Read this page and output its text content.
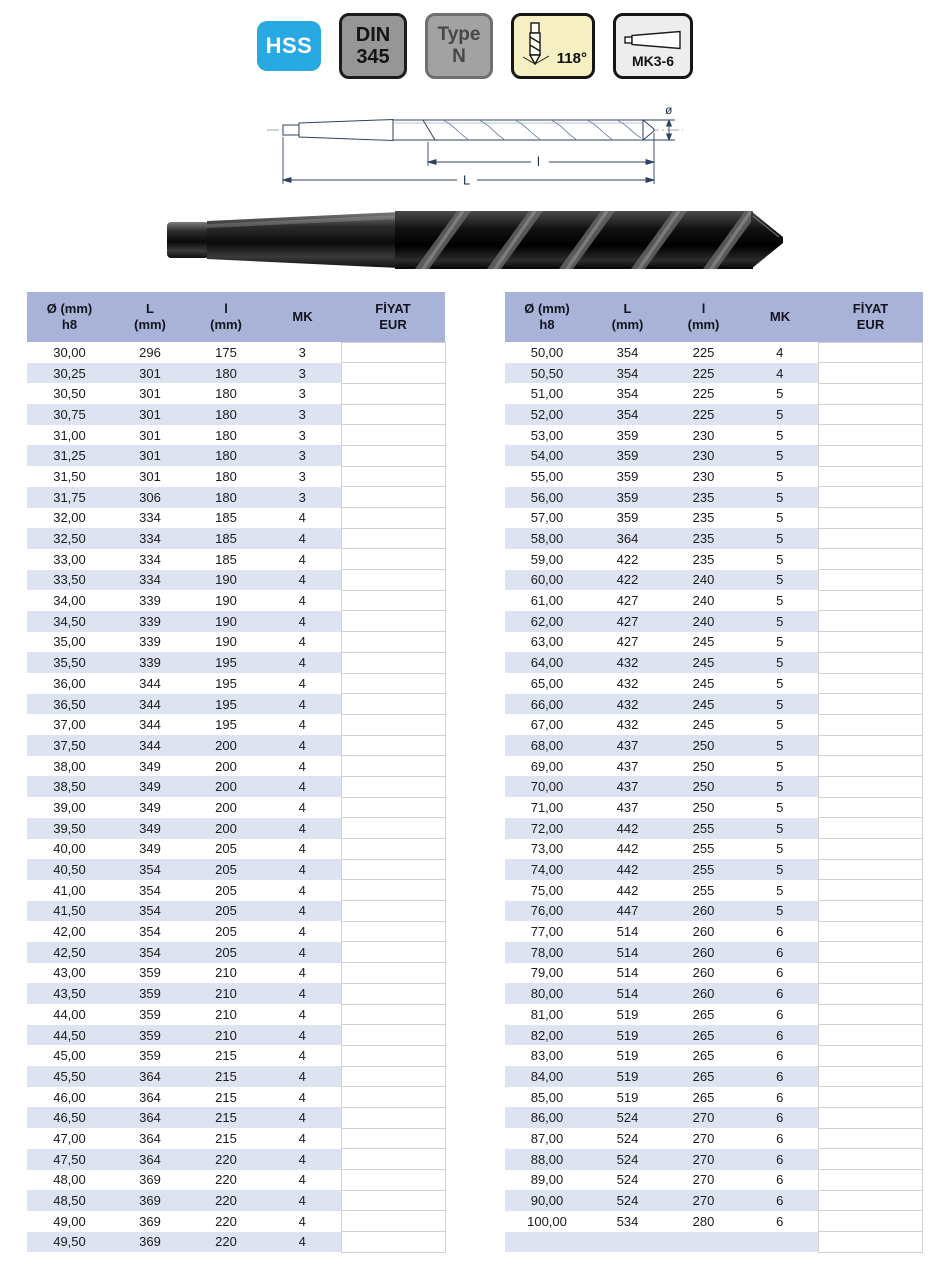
HSS DIN
345
Type
N	118°	MK3-6
ø
l
L
Ø (mm)
h8

L
(mm)

l
(mm)

MK

FİYAT
EUR

30,00	296	175	3	
30,25	301	180	3	
30,50	301	180	3	
30,75	301	180	3	
31,00	301	180	3	
31,25	301	180	3	
31,50	301	180	3	
31,75	306	180	3	
32,00	334	185	4	
32,50	334	185	4	
33,00	334	185	4	
33,50	334	190	4	
34,00	339	190	4	
34,50	339	190	4	
35,00	339	190	4	
35,50	339	195	4	
36,00	344	195	4	
36,50	344	195	4	
37,00	344	195	4	
37,50	344	200	4	
38,00	349	200	4	
38,50	349	200	4	
39,00	349	200	4	
39,50	349	200	4	
40,00	349	205	4	
40,50	354	205	4	
41,00	354	205	4	
41,50	354	205	4	
42,00	354	205	4	
42,50	354	205	4	
43,00	359	210	4	
43,50	359	210	4	
44,00	359	210	4	
44,50	359	210	4	
45,00	359	215	4	
45,50	364	215	4	
46,00	364	215	4	
46,50	364	215	4	
47,00	364	215	4	
47,50	364	220	4	
48,00	369	220	4	
48,50	369	220	4	
49,00	369	220	4	
49,50	369	220	4	
Ø (mm)
h8

L
(mm)

l
(mm)

MK

FİYAT
EUR

50,00	354	225	4	
50,50	354	225	4	
51,00	354	225	5	
52,00	354	225	5	
53,00	359	230	5	
54,00	359	230	5	
55,00	359	230	5	
56,00	359	235	5	
57,00	359	235	5	
58,00	364	235	5	
59,00	422	235	5	
60,00	422	240	5	
61,00	427	240	5	
62,00	427	240	5	
63,00	427	245	5	
64,00	432	245	5	
65,00	432	245	5	
66,00	432	245	5	
67,00	432	245	5	
68,00	437	250	5	
69,00	437	250	5	
70,00	437	250	5	
71,00	437	250	5	
72,00	442	255	5	
73,00	442	255	5	
74,00	442	255	5	
75,00	442	255	5	
76,00	447	260	5	
77,00	514	260	6	
78,00	514	260	6	
79,00	514	260	6	
80,00	514	260	6	
81,00	519	265	6	
82,00	519	265	6	
83,00	519	265	6	
84,00	519	265	6	
85,00	519	265	6	
86,00	524	270	6	
87,00	524	270	6	
88,00	524	270	6	
89,00	524	270	6	
90,00	524	270	6	
100,00	534	280	6	
